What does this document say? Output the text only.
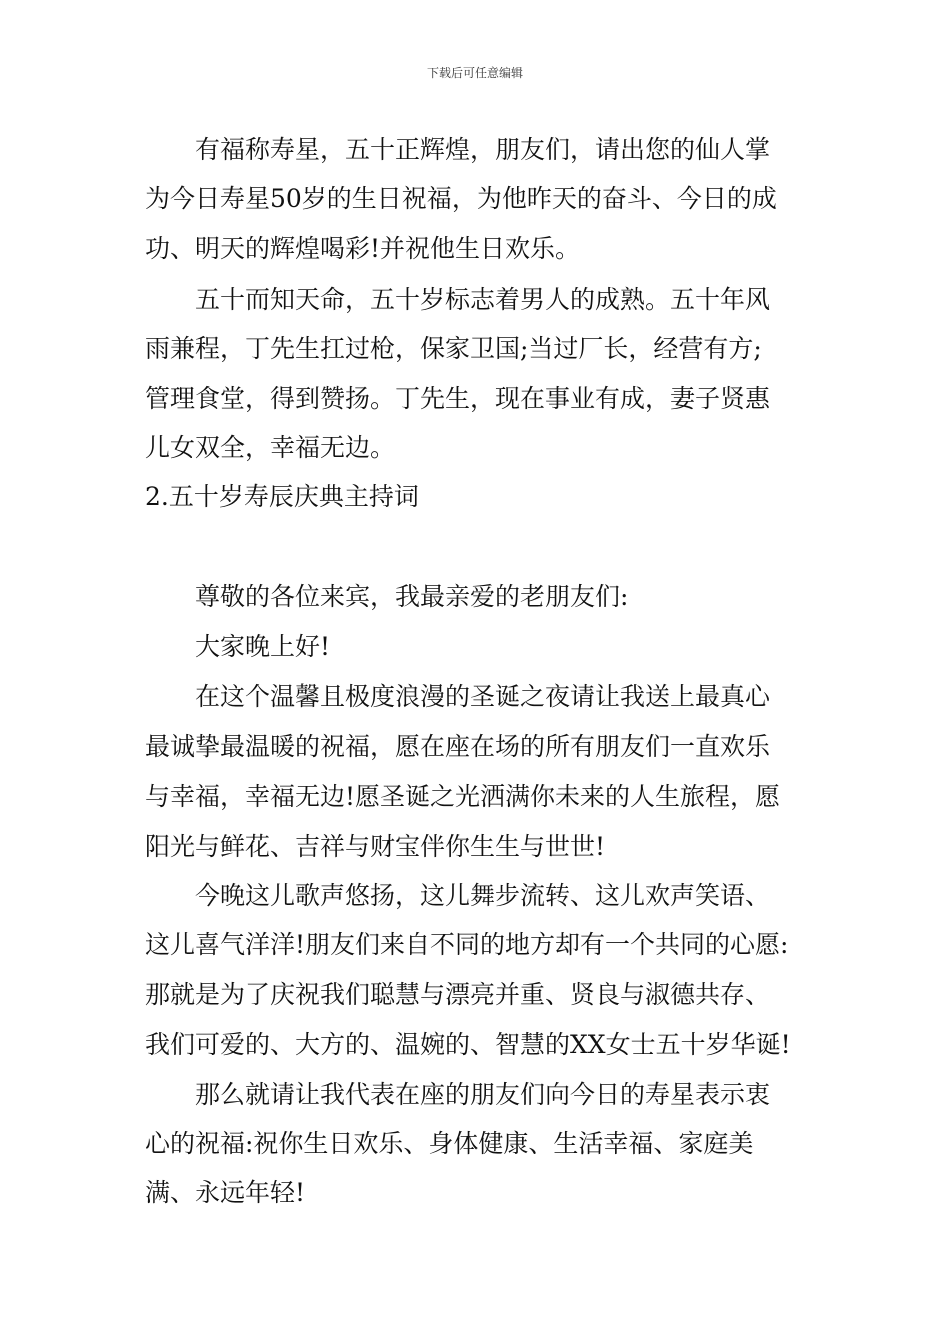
下载后可任意编辑
　　有福称寿星，五十正辉煌，朋友们，请出您的仙人掌
为今日寿星50岁的生日祝福，为他昨天的奋斗、今日的成
功、明天的辉煌喝彩!并祝他生日欢乐。
　　五十而知天命，五十岁标志着男人的成熟。五十年风
雨兼程，丁先生扛过枪，保家卫国;当过厂长，经营有方;
管理食堂，得到赞扬。丁先生，现在事业有成，妻子贤惠
儿女双全，幸福无边。
2.五十岁寿辰庆典主持词
　　尊敬的各位来宾，我最亲爱的老朋友们:
　　大家晚上好!
　　在这个温馨且极度浪漫的圣诞之夜请让我送上最真心
最诚挚最温暖的祝福，愿在座在场的所有朋友们一直欢乐
与幸福，幸福无边!愿圣诞之光洒满你未来的人生旅程，愿
阳光与鲜花、吉祥与财宝伴你生生与世世!
　　今晚这儿歌声悠扬，这儿舞步流转、这儿欢声笑语、
这儿喜气洋洋!朋友们来自不同的地方却有一个共同的心愿:
那就是为了庆祝我们聪慧与漂亮并重、贤良与淑德共存、
我们可爱的、大方的、温婉的、智慧的XX女士五十岁华诞!
　　那么就请让我代表在座的朋友们向今日的寿星表示衷
心的祝福:祝你生日欢乐、身体健康、生活幸福、家庭美
满、永远年轻!
